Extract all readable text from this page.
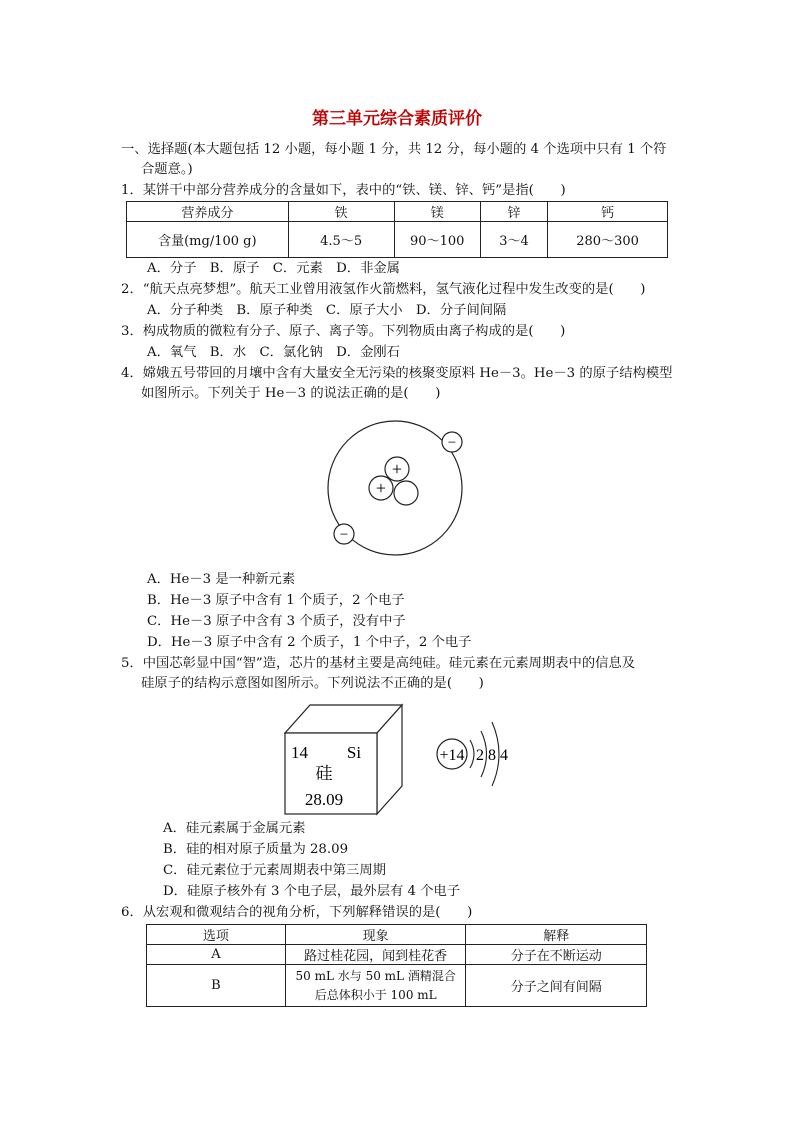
第三单元综合素质评价
一、选择题(本大题包括 12 小题，每小题 1 分，共 12 分，每小题的 4 个选项中只有 1 个符
合题意。)
1．某饼干中部分营养成分的含量如下，表中的“铁、镁、锌、钙”是指(　　)
营养成分	铁	镁	锌	钙
含量(mg/100 g)	4.5～5	90～100	3～4	280～300
A．分子　B．原子　C．元素　D．非金属
2．“航天点亮梦想”。航天工业曾用液氢作火箭燃料，氢气液化过程中发生改变的是(　　)
A．分子种类　B．原子种类　C．原子大小　D．分子间间隔
3．构成物质的微粒有分子、原子、离子等。下列物质由离子构成的是(　　)
A．氧气　B．水　C．氯化钠　D．金刚石
4．嫦娥五号带回的月壤中含有大量安全无污染的核聚变原料 He－3。He－3 的原子结构模型
如图所示。下列关于 He－3 的说法正确的是(　　)
+
+
−
−
A．He－3 是一种新元素
B．He－3 原子中含有 1 个质子，2 个电子
C．He－3 原子中含有 3 个质子，没有中子
D．He－3 原子中含有 2 个质子，1 个中子，2 个电子
5．中国芯彰显中国“智”造，芯片的基材主要是高纯硅。硅元素在元素周期表中的信息及
硅原子的结构示意图如图所示。下列说法不正确的是(　　)
14 Si
硅
28.09
+14 2 8 4
A．硅元素属于金属元素
B．硅的相对原子质量为 28.09
C．硅元素位于元素周期表中第三周期
D．硅原子核外有 3 个电子层，最外层有 4 个电子
6．从宏观和微观结合的视角分析，下列解释错误的是(　　)
选项	现象	解释
A	路过桂花园，闻到桂花香	分子在不断运动
B	50 mL 水与 50 mL 酒精混合
后总体积小于 100 mL	分子之间有间隔
